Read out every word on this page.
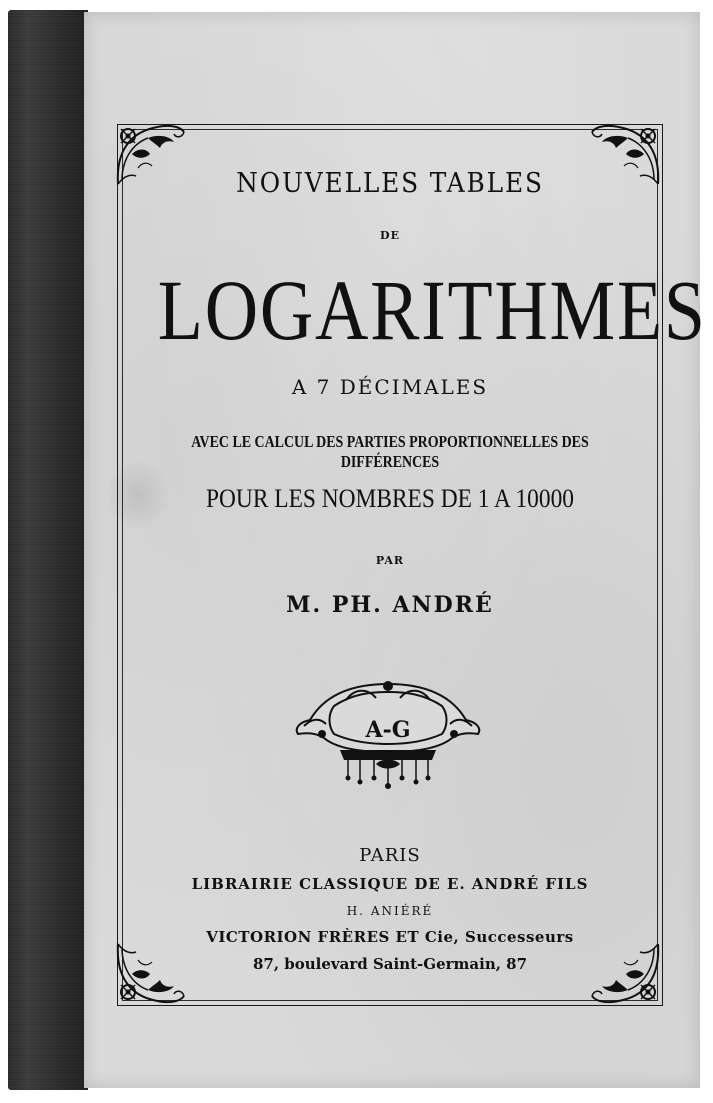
NOUVELLES TABLES
DE
LOGARITHMES
A 7 DÉCIMALES
AVEC LE CALCUL DES PARTIES PROPORTIONNELLES DES DIFFÉRENCES
POUR LES NOMBRES DE 1 A 10000
PAR
M. PH. ANDRÉ
A-G
PARIS
LIBRAIRIE CLASSIQUE DE E. ANDRÉ FILS
H. ANIÉRÉ
VICTORION FRÈRES ET Cie, Successeurs
87, boulevard Saint-Germain, 87
